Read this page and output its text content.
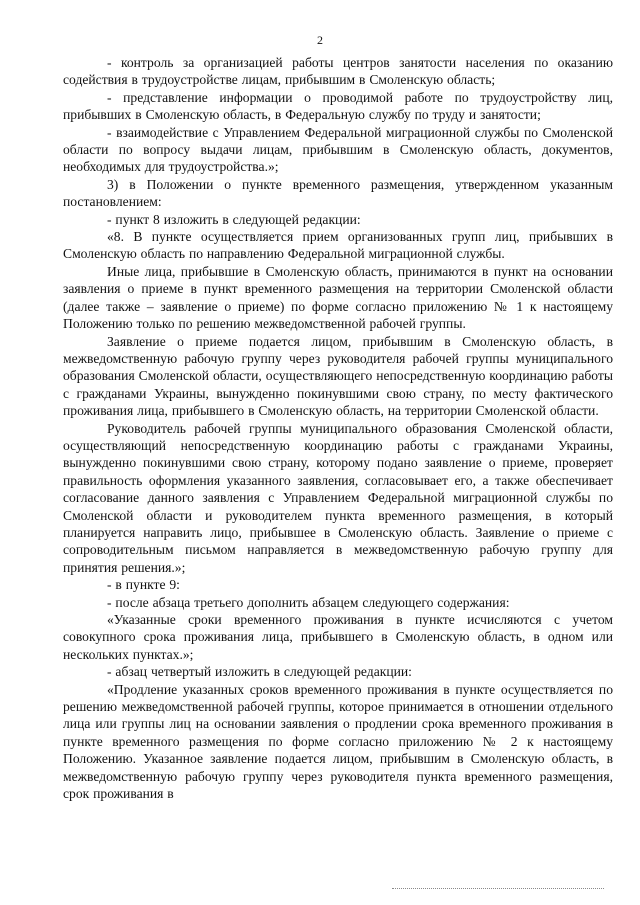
2

- контроль за организацией работы центров занятости населения по оказанию содействия в трудоустройстве лицам, прибывшим в Смоленскую область;

- представление информации о проводимой работе по трудоустройству лиц, прибывших в Смоленскую область, в Федеральную службу по труду и занятости;

- взаимодействие с Управлением Федеральной миграционной службы по Смоленской области по вопросу выдачи лицам, прибывшим в Смоленскую область, документов, необходимых для трудоустройства.»;

3) в Положении о пункте временного размещения, утвержденном указанным постановлением:

- пункт 8 изложить в следующей редакции:

«8. В пункте осуществляется прием организованных групп лиц, прибывших в Смоленскую область по направлению Федеральной миграционной службы.

Иные лица, прибывшие в Смоленскую область, принимаются в пункт на основании заявления о приеме в пункт временного размещения на территории Смоленской области (далее также – заявление о приеме) по форме согласно приложению № 1 к настоящему Положению только по решению межведомственной рабочей группы.

Заявление о приеме подается лицом, прибывшим в Смоленскую область, в межведомственную рабочую группу через руководителя рабочей группы муниципального образования Смоленской области, осуществляющего непосредственную координацию работы с гражданами Украины, вынужденно покинувшими свою страну, по месту фактического проживания лица, прибывшего в Смоленскую область, на территории Смоленской области.

Руководитель рабочей группы муниципального образования Смоленской области, осуществляющий непосредственную координацию работы с гражданами Украины, вынужденно покинувшими свою страну, которому подано заявление о приеме, проверяет правильность оформления указанного заявления, согласовывает его, а также обеспечивает согласование данного заявления с Управлением Федеральной миграционной службы по Смоленской области и руководителем пункта временного размещения, в который планируется направить лицо, прибывшее в Смоленскую область. Заявление о приеме с сопроводительным письмом направляется в межведомственную рабочую группу для принятия решения.»;

- в пункте 9:

- после абзаца третьего дополнить абзацем следующего содержания:

«Указанные сроки временного проживания в пункте исчисляются с учетом совокупного срока проживания лица, прибывшего в Смоленскую область, в одном или нескольких пунктах.»;

- абзац четвертый изложить в следующей редакции:

«Продление указанных сроков временного проживания в пункте осуществляется по решению межведомственной рабочей группы, которое принимается в отношении отдельного лица или группы лиц на основании заявления о продлении срока временного проживания в пункте временного размещения по форме согласно приложению № 2 к настоящему Положению. Указанное заявление подается лицом, прибывшим в Смоленскую область, в межведомственную рабочую группу через руководителя пункта временного размещения, срок проживания в
